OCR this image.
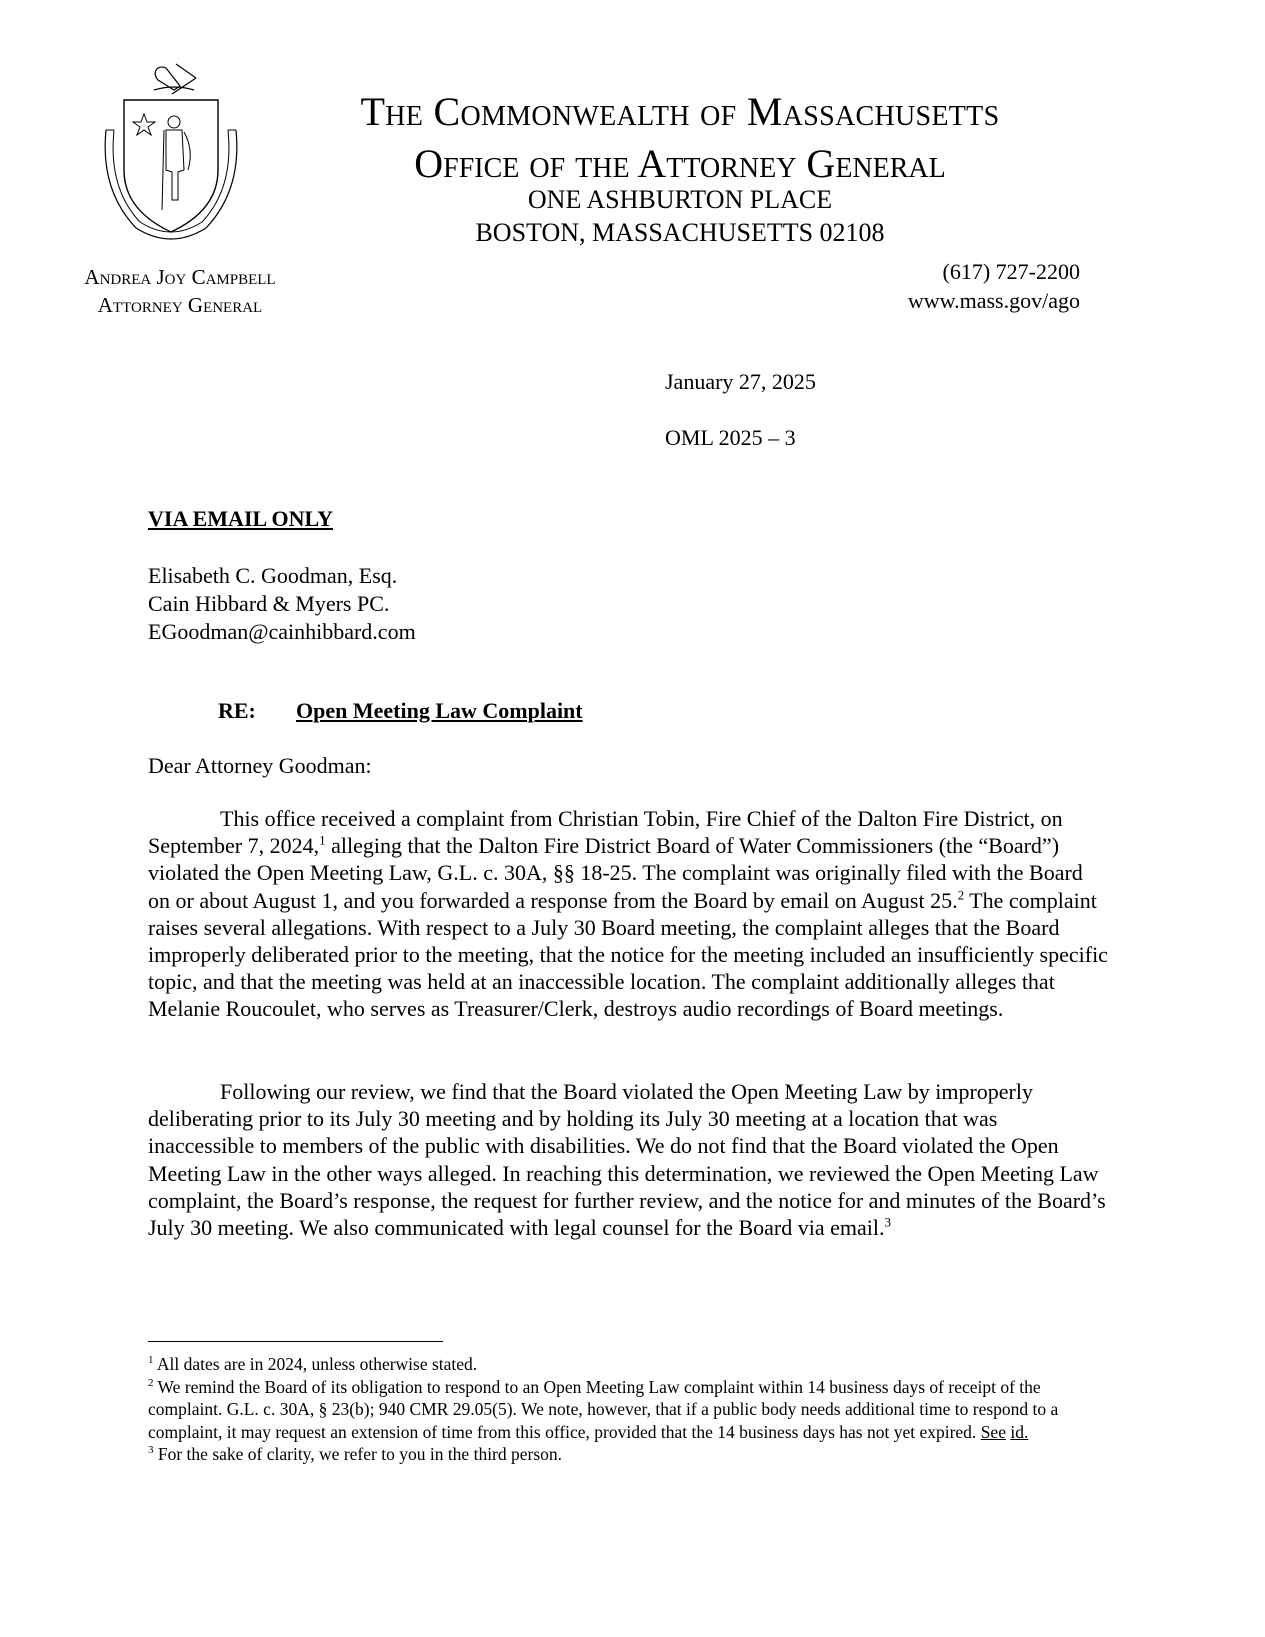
The Commonwealth of Massachusetts
Office of the Attorney General
ONE ASHBURTON PLACE
BOSTON, MASSACHUSETTS 02108
Andrea Joy Campbell
Attorney General
(617) 727-2200
www.mass.gov/ago
January 27, 2025
OML 2025 – 3
VIA EMAIL ONLY
Elisabeth C. Goodman, Esq.
Cain Hibbard & Myers PC.
EGoodman@cainhibbard.com
RE: Open Meeting Law Complaint
Dear Attorney Goodman:
This office received a complaint from Christian Tobin, Fire Chief of the Dalton Fire District, on September 7, 2024,$^1$ alleging that the Dalton Fire District Board of Water Commissioners (the “Board”) violated the Open Meeting Law, G.L. c. 30A, §§ 18-25. The complaint was originally filed with the Board on or about August 1, and you forwarded a response from the Board by email on August 25.$^2$ The complaint raises several allegations. With respect to a July 30 Board meeting, the complaint alleges that the Board improperly deliberated prior to the meeting, that the notice for the meeting included an insufficiently specific topic, and that the meeting was held at an inaccessible location. The complaint additionally alleges that Melanie Roucoulet, who serves as Treasurer/Clerk, destroys audio recordings of Board meetings.
Following our review, we find that the Board violated the Open Meeting Law by improperly deliberating prior to its July 30 meeting and by holding its July 30 meeting at a location that was inaccessible to members of the public with disabilities. We do not find that the Board violated the Open Meeting Law in the other ways alleged. In reaching this determination, we reviewed the Open Meeting Law complaint, the Board’s response, the request for further review, and the notice for and minutes of the Board’s July 30 meeting. We also communicated with legal counsel for the Board via email.$^3$

$^1$ All dates are in 2024, unless otherwise stated.

$^2$ We remind the Board of its obligation to respond to an Open Meeting Law complaint within 14 business days of receipt of the complaint. G.L. c. 30A, § 23(b); 940 CMR 29.05(5). We note, however, that if a public body needs additional time to respond to a complaint, it may request an extension of time from this office, provided that the 14 business days has not yet expired. See id.

$^3$ For the sake of clarity, we refer to you in the third person.
